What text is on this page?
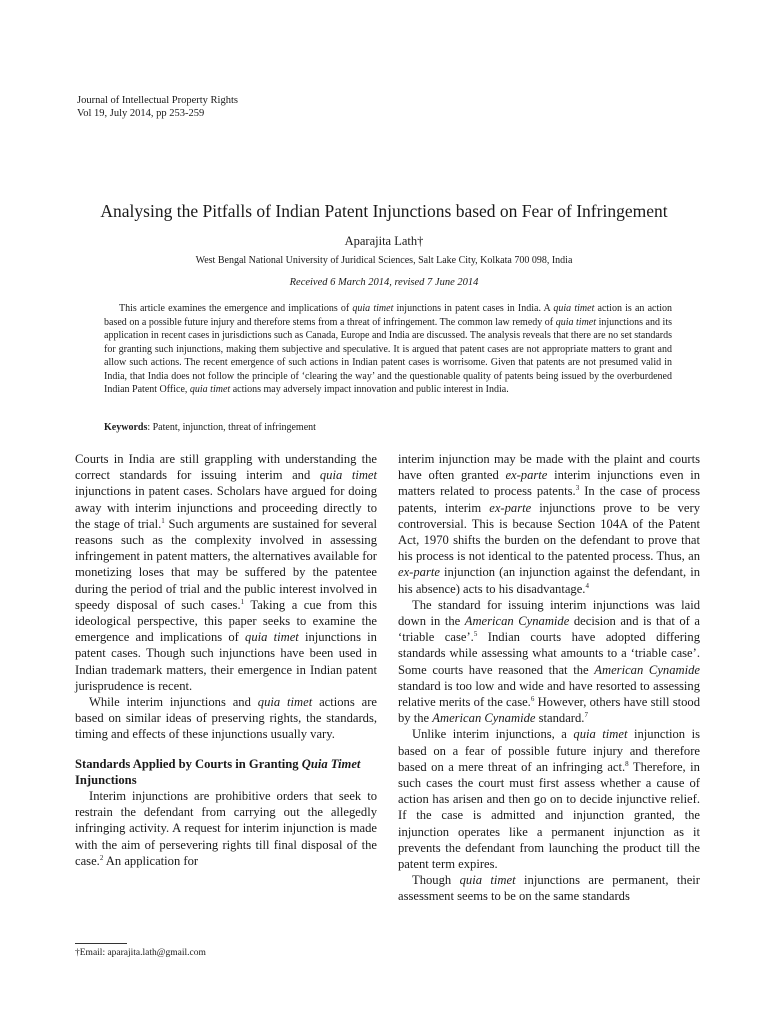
Journal of Intellectual Property Rights
Vol 19, July 2014, pp 253-259
Analysing the Pitfalls of Indian Patent Injunctions based on Fear of Infringement
Aparajita Lath†
West Bengal National University of Juridical Sciences, Salt Lake City, Kolkata 700 098, India
Received 6 March 2014, revised 7 June 2014
This article examines the emergence and implications of quia timet injunctions in patent cases in India. A quia timet action is an action based on a possible future injury and therefore stems from a threat of infringement. The common law remedy of quia timet injunctions and its application in recent cases in jurisdictions such as Canada, Europe and India are discussed. The analysis reveals that there are no set standards for granting such injunctions, making them subjective and speculative. It is argued that patent cases are not appropriate matters to grant and allow such actions. The recent emergence of such actions in Indian patent cases is worrisome. Given that patents are not presumed valid in India, that India does not follow the principle of ‘clearing the way’ and the questionable quality of patents being issued by the overburdened Indian Patent Office, quia timet actions may adversely impact innovation and public interest in India.
Keywords: Patent, injunction, threat of infringement

Courts in India are still grappling with understanding the correct standards for issuing interim and quia timet injunctions in patent cases. Scholars have argued for doing away with interim injunctions and proceeding directly to the stage of trial.$^1$ Such arguments are sustained for several reasons such as the complexity involved in assessing infringement in patent matters, the alternatives available for monetizing loses that may be suffered by the patentee during the period of trial and the public interest involved in speedy disposal of such cases.$^1$ Taking a cue from this ideological perspective, this paper seeks to examine the emergence and implications of quia timet injunctions in patent cases. Though such injunctions have been used in Indian trademark matters, their emergence in Indian patent jurisprudence is recent.

While interim injunctions and quia timet actions are based on similar ideas of preserving rights, the standards, timing and effects of these injunctions usually vary.

Standards Applied by Courts in Granting Quia Timet Injunctions

Interim injunctions are prohibitive orders that seek to restrain the defendant from carrying out the allegedly infringing activity. A request for interim injunction is made with the aim of persevering rights till final disposal of the case.$^2$ An application for

interim injunction may be made with the plaint and courts have often granted ex-parte interim injunctions even in matters related to process patents.$^3$ In the case of process patents, interim ex-parte injunctions prove to be very controversial. This is because Section 104A of the Patent Act, 1970 shifts the burden on the defendant to prove that his process is not identical to the patented process. Thus, an ex-parte injunction (an injunction against the defendant, in his absence) acts to his disadvantage.$^4$

The standard for issuing interim injunctions was laid down in the American Cynamide decision and is that of a ‘triable case’.$^5$ Indian courts have adopted differing standards while assessing what amounts to a ‘triable case’. Some courts have reasoned that the American Cynamide standard is too low and wide and have resorted to assessing relative merits of the case.$^6$ However, others have still stood by the American Cynamide standard.$^7$

Unlike interim injunctions, a quia timet injunction is based on a fear of possible future injury and therefore based on a mere threat of an infringing act.$^8$ Therefore, in such cases the court must first assess whether a cause of action has arisen and then go on to decide injunctive relief. If the case is admitted and injunction granted, the injunction operates like a permanent injunction as it prevents the defendant from launching the product till the patent term expires.

Though quia timet injunctions are permanent, their assessment seems to be on the same standards

†Email: aparajita.lath@gmail.com
